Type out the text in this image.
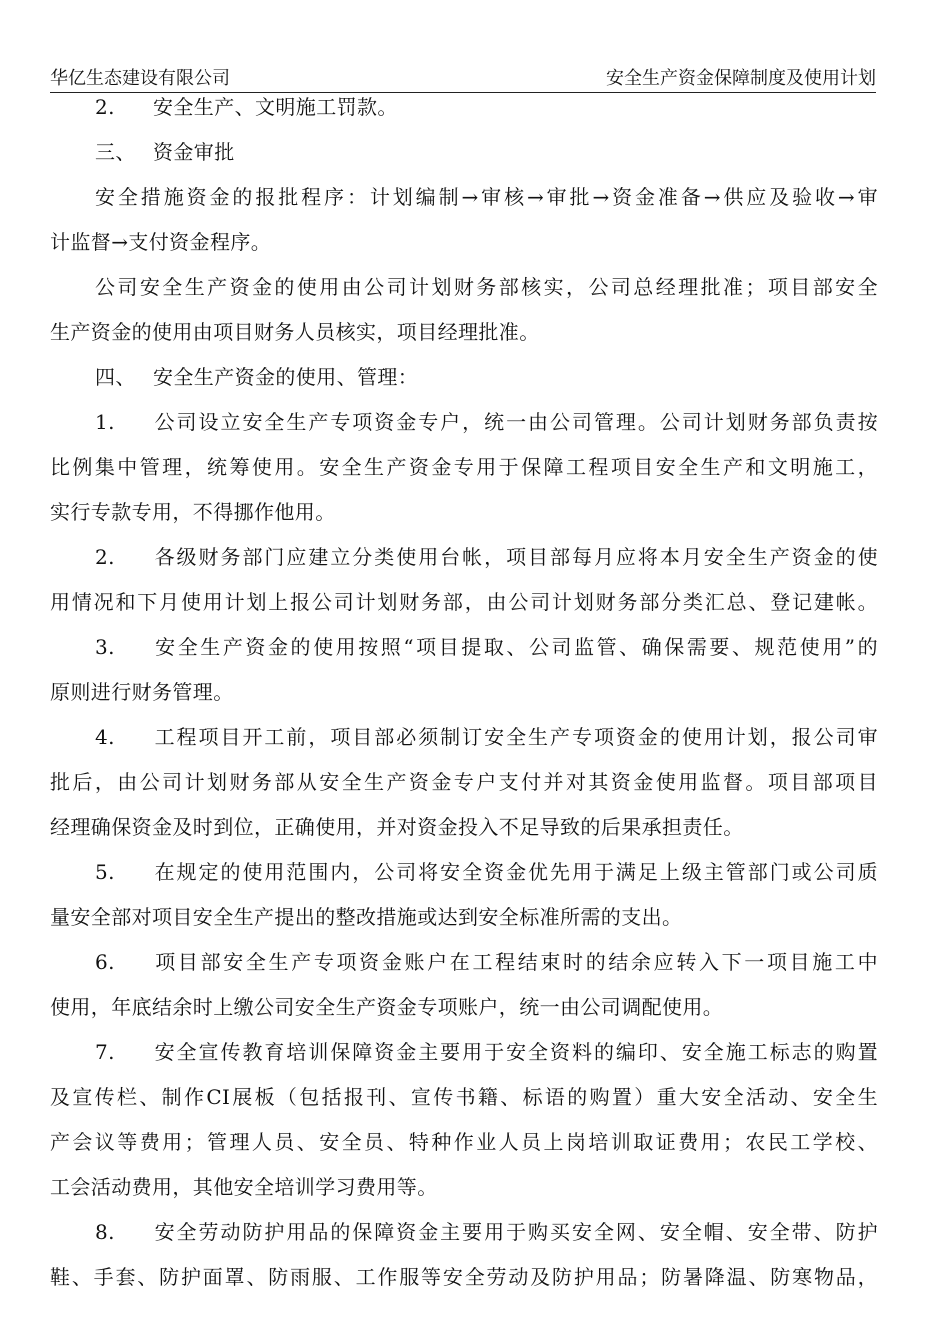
华亿生态建设有限公司	安全生产资金保障制度及使用计划
2. 安全生产、文明施工罚款。
三、 资金审批
安全措施资金的报批程序：计划编制→审核→审批→资金准备→供应及验收→审
计监督→支付资金程序。
公司安全生产资金的使用由公司计划财务部核实，公司总经理批准；项目部安全
生产资金的使用由项目财务人员核实，项目经理批准。
四、 安全生产资金的使用、管理：
1. 公司设立安全生产专项资金专户，统一由公司管理。公司计划财务部负责按
比例集中管理，统筹使用。安全生产资金专用于保障工程项目安全生产和文明施工，
实行专款专用，不得挪作他用。
2. 各级财务部门应建立分类使用台帐，项目部每月应将本月安全生产资金的使
用情况和下月使用计划上报公司计划财务部，由公司计划财务部分类汇总、登记建帐。
3. 安全生产资金的使用按照“项目提取、公司监管、确保需要、规范使用”的
原则进行财务管理。
4. 工程项目开工前，项目部必须制订安全生产专项资金的使用计划，报公司审
批后，由公司计划财务部从安全生产资金专户支付并对其资金使用监督。项目部项目
经理确保资金及时到位，正确使用，并对资金投入不足导致的后果承担责任。
5. 在规定的使用范围内，公司将安全资金优先用于满足上级主管部门或公司质
量安全部对项目安全生产提出的整改措施或达到安全标准所需的支出。
6. 项目部安全生产专项资金账户在工程结束时的结余应转入下一项目施工中
使用，年底结余时上缴公司安全生产资金专项账户，统一由公司调配使用。
7. 安全宣传教育培训保障资金主要用于安全资料的编印、安全施工标志的购置
及宣传栏、制作CI展板（包括报刊、宣传书籍、标语的购置）重大安全活动、安全生
产会议等费用；管理人员、安全员、特种作业人员上岗培训取证费用；农民工学校、
工会活动费用，其他安全培训学习费用等。
8. 安全劳动防护用品的保障资金主要用于购买安全网、安全帽、安全带、防护
鞋、手套、防护面罩、防雨服、工作服等安全劳动及防护用品；防暑降温、防寒物品，
